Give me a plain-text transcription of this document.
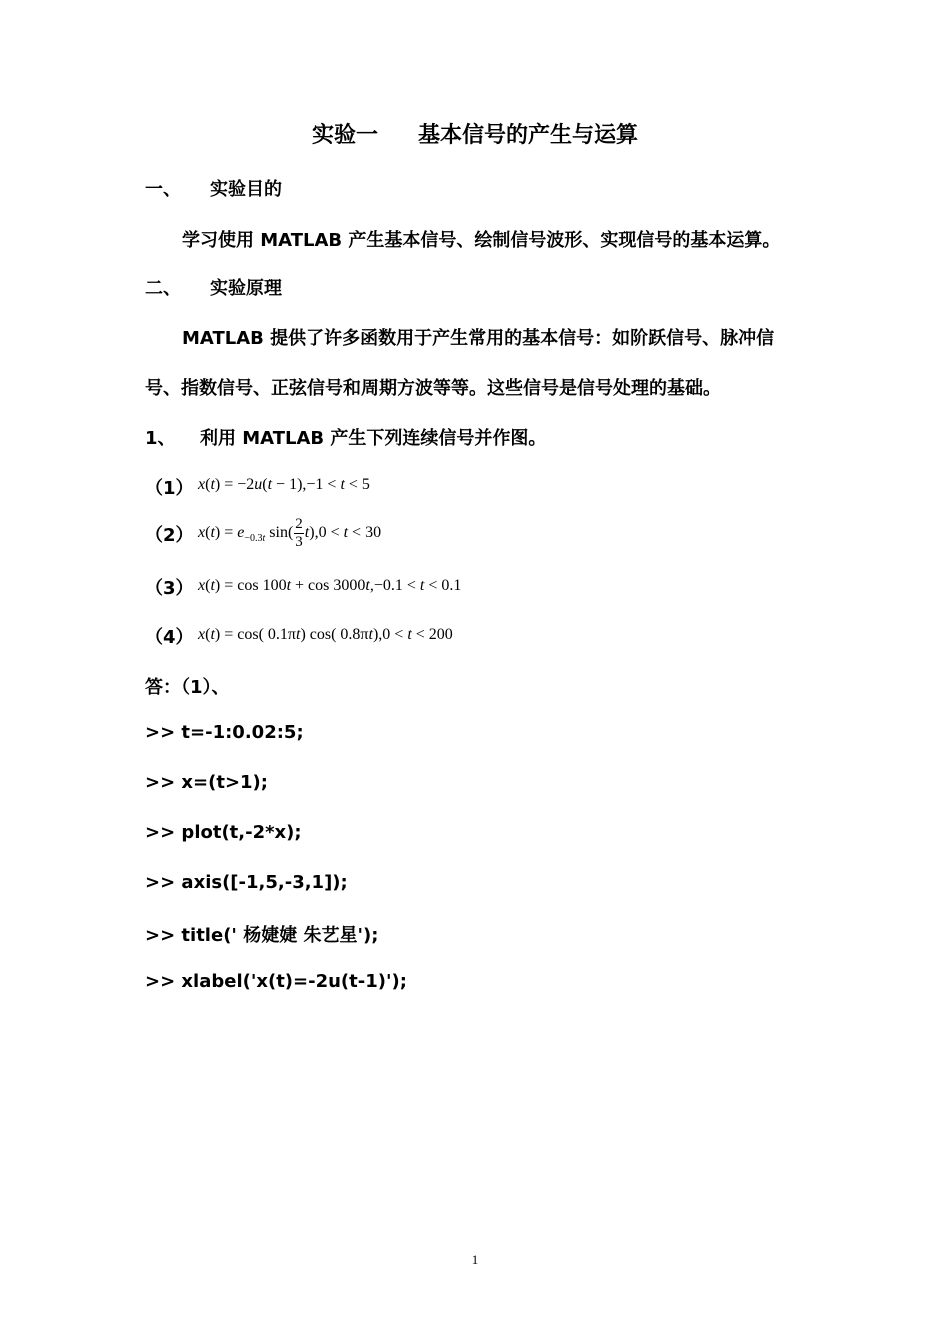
实验一 基本信号的产生与运算
一、 实验目的
学习使用 MATLAB 产生基本信号、绘制信号波形、实现信号的基本运算。
二、 实验原理
MATLAB 提供了许多函数用于产生常用的基本信号：如阶跃信号、脉冲信
号、指数信号、正弦信号和周期方波等等。这些信号是信号处理的基础。
1、 利用 MATLAB 产生下列连续信号并作图。
（1） x(t) = −2u(t − 1),−1 < t < 5
（2） $x(t) = e_{-0.3t}$ $\sin( \frac{2}{3} t),0 < t < 30$
（3） x(t) = cos 100t + cos 3000t,−0.1 < t < 0.1
（4） x(t) = cos( 0.1πt) cos( 0.8πt),0 < t < 200
答：（1）、
>> t=-1:0.02:5;
>> x=(t>1);
>> plot(t,-2*x);
>> axis([-1,5,-3,1]);
>> title(' 杨婕婕 朱艺星');
>> xlabel('x(t)=-2u(t-1)');
1
